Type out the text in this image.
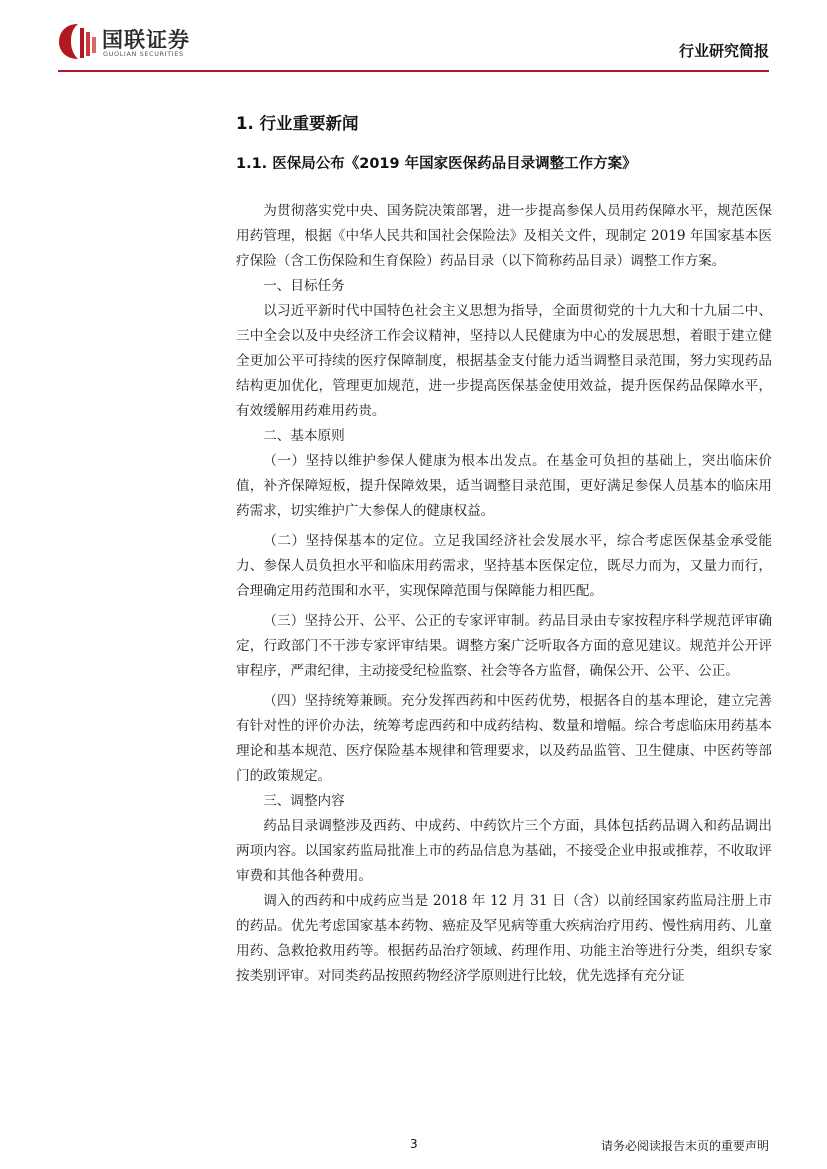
国联证券
GUOLIAN SECURITIES	行业研究简报
1. 行业重要新闻
1.1. 医保局公布《2019 年国家医保药品目录调整工作方案》

为贯彻落实党中央、国务院决策部署，进一步提高参保人员用药保障水平，规范医保用药管理，根据《中华人民共和国社会保险法》及相关文件，现制定 2019 年国家基本医疗保险（含工伤保险和生育保险）药品目录（以下简称药品目录）调整工作方案。

一、目标任务

以习近平新时代中国特色社会主义思想为指导，全面贯彻党的十九大和十九届二中、三中全会以及中央经济工作会议精神，坚持以人民健康为中心的发展思想，着眼于建立健全更加公平可持续的医疗保障制度，根据基金支付能力适当调整目录范围，努力实现药品结构更加优化，管理更加规范，进一步提高医保基金使用效益，提升医保药品保障水平，有效缓解用药难用药贵。

二、基本原则

（一）坚持以维护参保人健康为根本出发点。在基金可负担的基础上，突出临床价值，补齐保障短板，提升保障效果，适当调整目录范围，更好满足参保人员基本的临床用药需求，切实维护广大参保人的健康权益。

（二）坚持保基本的定位。立足我国经济社会发展水平，综合考虑医保基金承受能力、参保人员负担水平和临床用药需求，坚持基本医保定位，既尽力而为，又量力而行，合理确定用药范围和水平，实现保障范围与保障能力相匹配。

（三）坚持公开、公平、公正的专家评审制。药品目录由专家按程序科学规范评审确定，行政部门不干涉专家评审结果。调整方案广泛听取各方面的意见建议。规范并公开评审程序，严肃纪律，主动接受纪检监察、社会等各方监督，确保公开、公平、公正。

（四）坚持统筹兼顾。充分发挥西药和中医药优势，根据各自的基本理论，建立完善有针对性的评价办法，统筹考虑西药和中成药结构、数量和增幅。综合考虑临床用药基本理论和基本规范、医疗保险基本规律和管理要求，以及药品监管、卫生健康、中医药等部门的政策规定。

三、调整内容

药品目录调整涉及西药、中成药、中药饮片三个方面，具体包括药品调入和药品调出两项内容。以国家药监局批准上市的药品信息为基础，不接受企业申报或推荐，不收取评审费和其他各种费用。

调入的西药和中成药应当是 2018 年 12 月 31 日（含）以前经国家药监局注册上市的药品。优先考虑国家基本药物、癌症及罕见病等重大疾病治疗用药、慢性病用药、儿童用药、急救抢救用药等。根据药品治疗领域、药理作用、功能主治等进行分类，组织专家按类别评审。对同类药品按照药物经济学原则进行比较，优先选择有充分证

3	请务必阅读报告末页的重要声明
